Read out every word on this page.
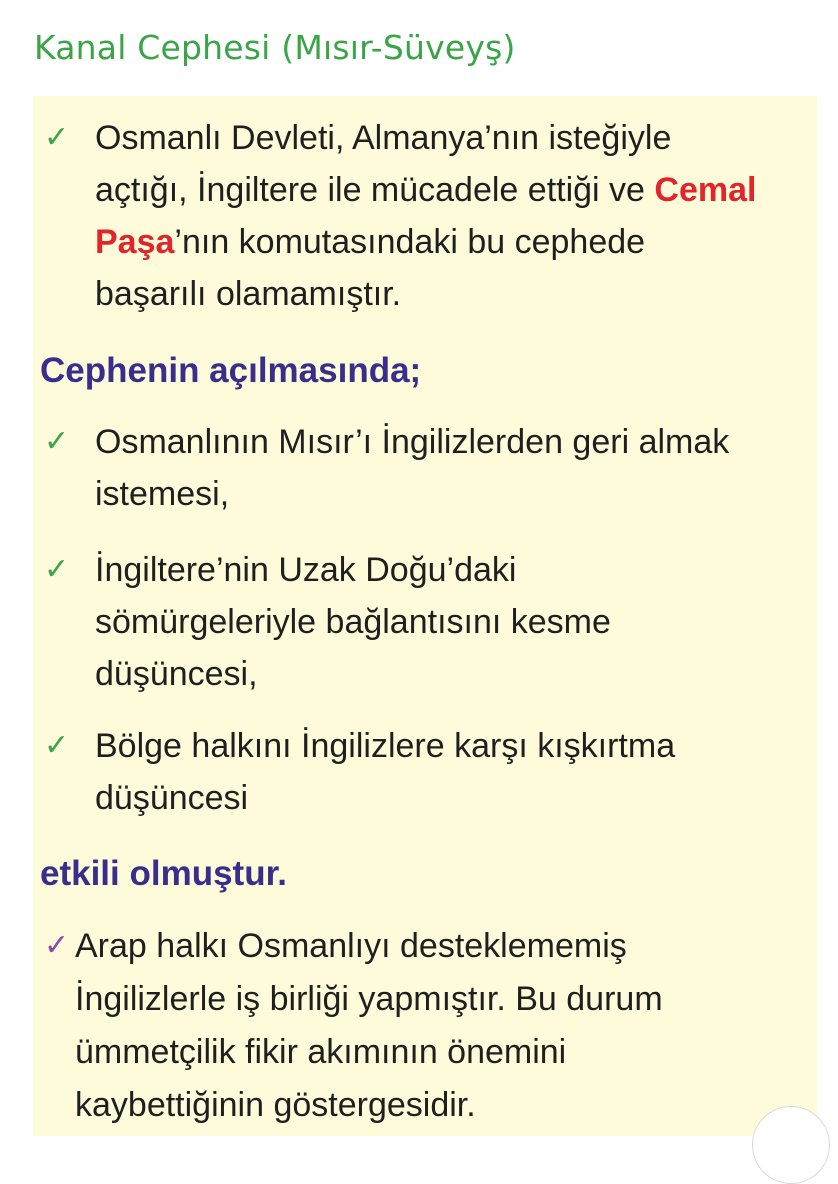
Kanal Cephesi (Mısır-Süveyş)
✓ Osmanlı Devleti, Almanya’nın isteğiyle
açtığı, İngiltere ile mücadele ettiği ve Cemal
Paşa’nın komutasındaki bu cephede
başarılı olamamıştır.
Cephenin açılmasında;
✓ Osmanlının Mısır’ı İngilizlerden geri almak
istemesi,
✓ İngiltere’nin Uzak Doğu’daki
sömürgeleriyle bağlantısını kesme
düşüncesi,
✓ Bölge halkını İngilizlere karşı kışkırtma
düşüncesi
etkili olmuştur.
✓ Arap halkı Osmanlıyı desteklememiş
İngilizlerle iş birliği yapmıştır. Bu durum
ümmetçilik fikir akımının önemini
kaybettiğinin göstergesidir.
